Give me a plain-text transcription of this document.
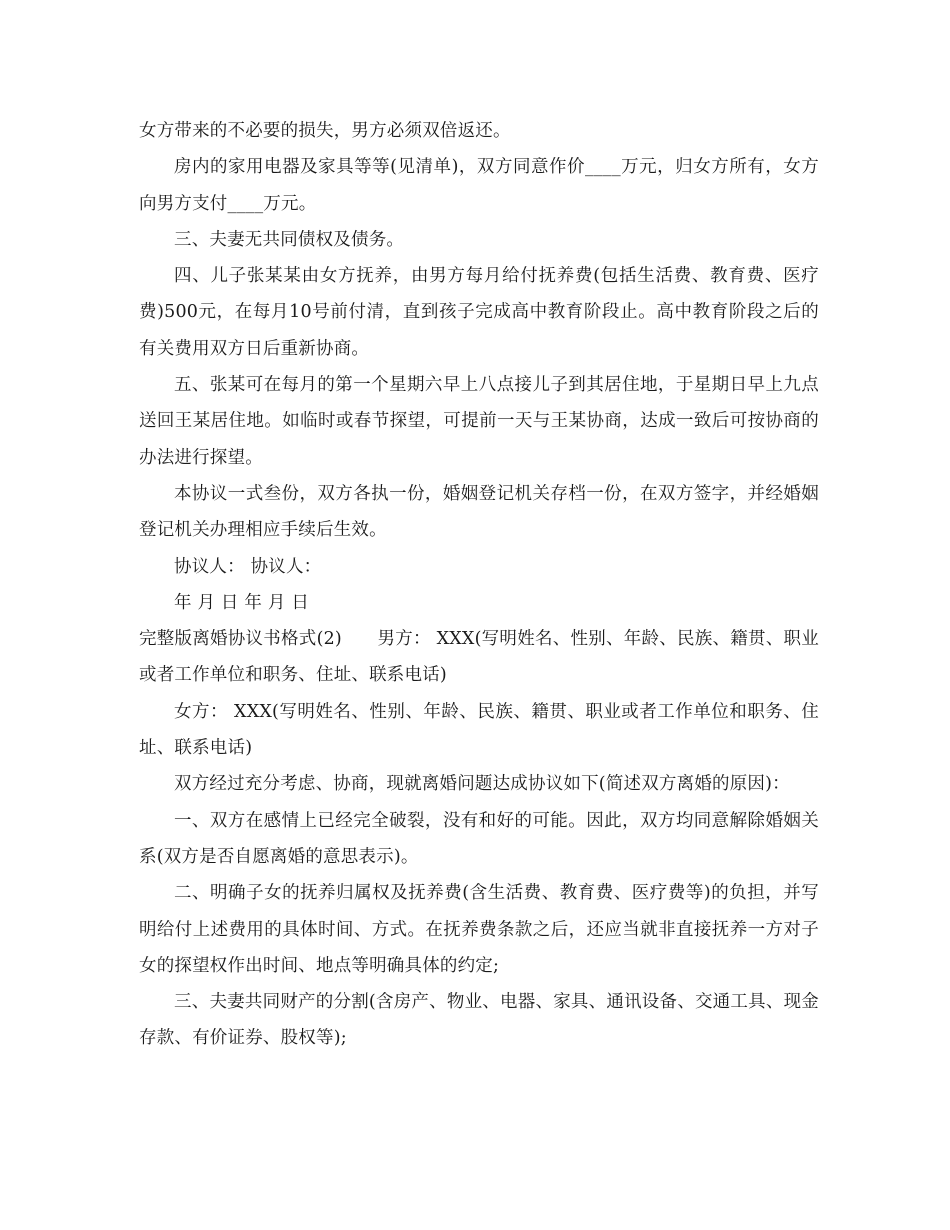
女方带来的不必要的损失，男方必须双倍返还。

房内的家用电器及家具等等(见清单)，双方同意作价____万元，归女方所有，女方向男方支付____万元。

三、夫妻无共同债权及债务。

四、儿子张某某由女方抚养，由男方每月给付抚养费(包括生活费、教育费、医疗费)500元，在每月10号前付清，直到孩子完成高中教育阶段止。高中教育阶段之后的有关费用双方日后重新协商。

五、张某可在每月的第一个星期六早上八点接儿子到其居住地，于星期日早上九点送回王某居住地。如临时或春节探望，可提前一天与王某协商，达成一致后可按协商的办法进行探望。

本协议一式叁份，双方各执一份，婚姻登记机关存档一份，在双方签字，并经婚姻登记机关办理相应手续后生效。

协议人： 协议人：

年 月 日 年 月 日

完整版离婚协议书格式(2)　　男方： XXX(写明姓名、性别、年龄、民族、籍贯、职业或者工作单位和职务、住址、联系电话)

女方： XXX(写明姓名、性别、年龄、民族、籍贯、职业或者工作单位和职务、住址、联系电话)

双方经过充分考虑、协商，现就离婚问题达成协议如下(简述双方离婚的原因)：

一、双方在感情上已经完全破裂，没有和好的可能。因此，双方均同意解除婚姻关系(双方是否自愿离婚的意思表示)。

二、明确子女的抚养归属权及抚养费(含生活费、教育费、医疗费等)的负担，并写明给付上述费用的具体时间、方式。在抚养费条款之后，还应当就非直接抚养一方对子女的探望权作出时间、地点等明确具体的约定;

三、夫妻共同财产的分割(含房产、物业、电器、家具、通讯设备、交通工具、现金存款、有价证券、股权等);
